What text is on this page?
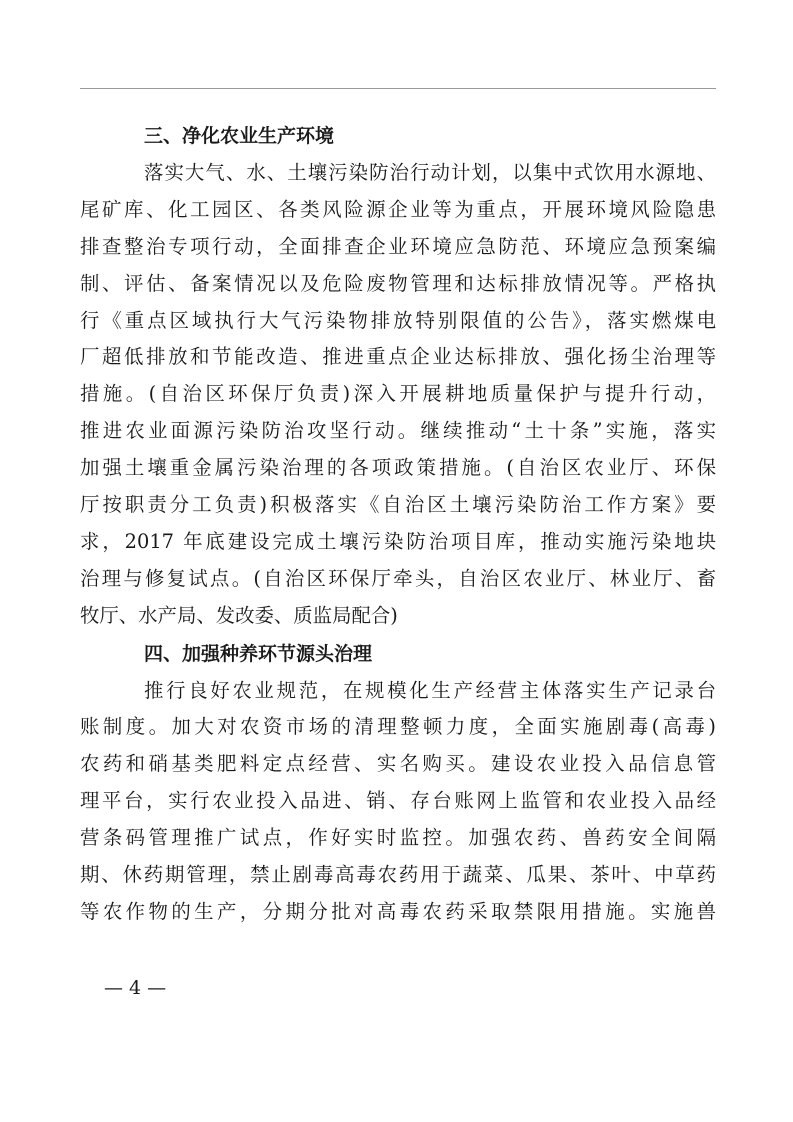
三、净化农业生产环境

落实大气、水、土壤污染防治行动计划，以集中式饮用水源地、

尾矿库、化工园区、各类风险源企业等为重点，开展环境风险隐患

排查整治专项行动，全面排查企业环境应急防范、环境应急预案编

制、评估、备案情况以及危险废物管理和达标排放情况等。严格执

行《重点区域执行大气污染物排放特别限值的公告》，落实燃煤电

厂超低排放和节能改造、推进重点企业达标排放、强化扬尘治理等

措施。(自治区环保厅负责)深入开展耕地质量保护与提升行动，

推进农业面源污染防治攻坚行动。继续推动“土十条”实施，落实

加强土壤重金属污染治理的各项政策措施。(自治区农业厅、环保

厅按职责分工负责)积极落实《自治区土壤污染防治工作方案》要

求，2017 年底建设完成土壤污染防治项目库，推动实施污染地块

治理与修复试点。(自治区环保厅牵头，自治区农业厅、林业厅、畜

牧厅、水产局、发改委、质监局配合)

四、加强种养环节源头治理

推行良好农业规范，在规模化生产经营主体落实生产记录台

账制度。加大对农资市场的清理整顿力度，全面实施剧毒(高毒)

农药和硝基类肥料定点经营、实名购买。建设农业投入品信息管

理平台，实行农业投入品进、销、存台账网上监管和农业投入品经

营条码管理推广试点，作好实时监控。加强农药、兽药安全间隔

期、休药期管理，禁止剧毒高毒农药用于蔬菜、瓜果、茶叶、中草药

等农作物的生产，分期分批对高毒农药采取禁限用措施。实施兽

— 4 —
